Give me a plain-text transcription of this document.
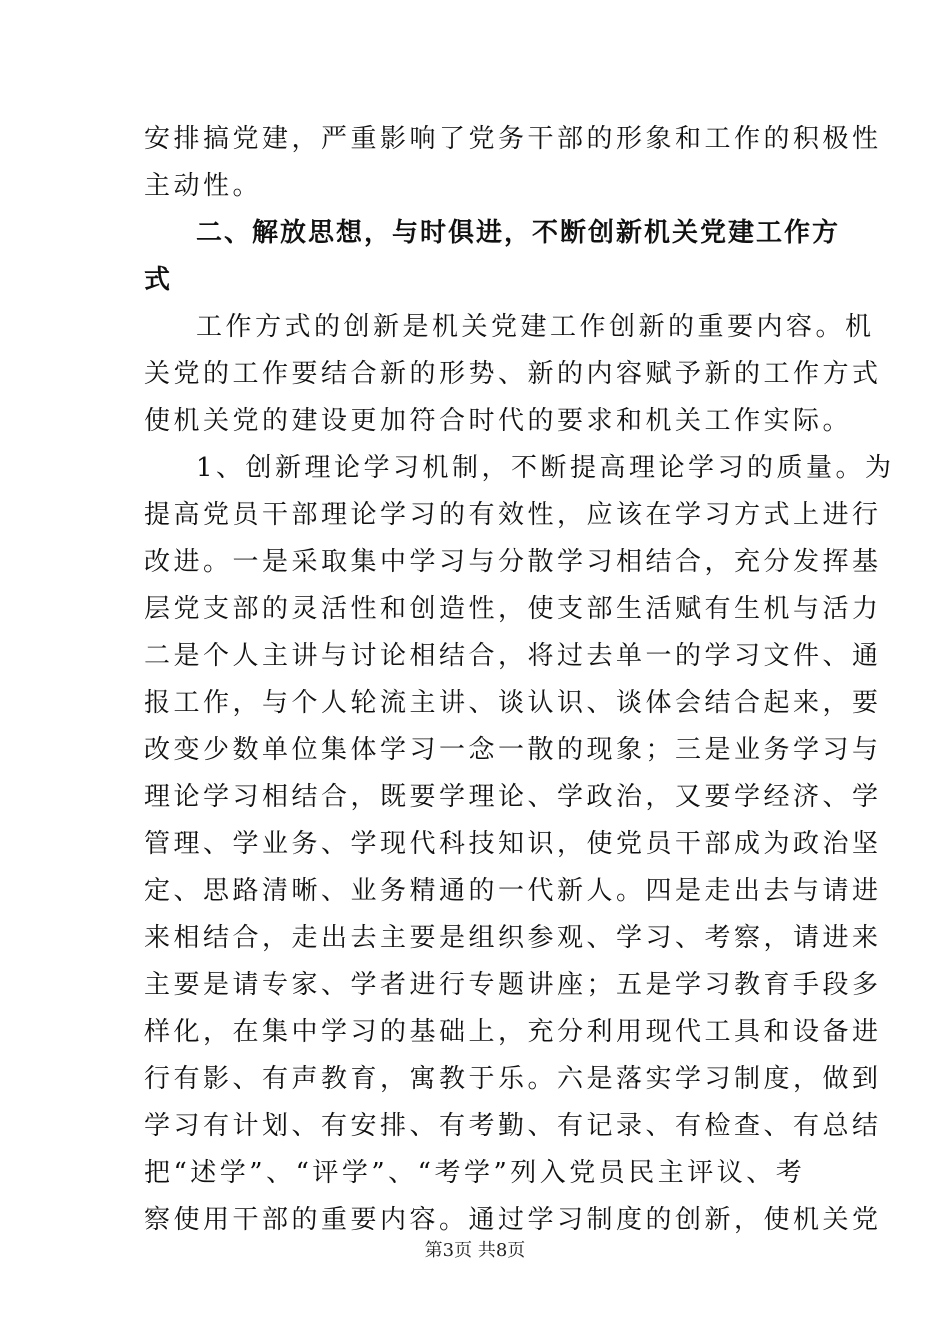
安排搞党建，严重影响了党务干部的形象和工作的积极性
主动性。
二、解放思想，与时俱进，不断创新机关党建工作方
式
工作方式的创新是机关党建工作创新的重要内容。机
关党的工作要结合新的形势、新的内容赋予新的工作方式
使机关党的建设更加符合时代的要求和机关工作实际。
1、创新理论学习机制，不断提高理论学习的质量。为
提高党员干部理论学习的有效性，应该在学习方式上进行
改进。一是采取集中学习与分散学习相结合，充分发挥基
层党支部的灵活性和创造性，使支部生活赋有生机与活力
二是个人主讲与讨论相结合，将过去单一的学习文件、通
报工作，与个人轮流主讲、谈认识、谈体会结合起来，要
改变少数单位集体学习一念一散的现象；三是业务学习与
理论学习相结合，既要学理论、学政治，又要学经济、学
管理、学业务、学现代科技知识，使党员干部成为政治坚
定、思路清晰、业务精通的一代新人。四是走出去与请进
来相结合，走出去主要是组织参观、学习、考察，请进来
主要是请专家、学者进行专题讲座；五是学习教育手段多
样化，在集中学习的基础上，充分利用现代工具和设备进
行有影、有声教育，寓教于乐。六是落实学习制度，做到
学习有计划、有安排、有考勤、有记录、有检查、有总结
把“述学”、“评学”、“考学”列入党员民主评议、考
察使用干部的重要内容。通过学习制度的创新，使机关党
第3页 共8页
